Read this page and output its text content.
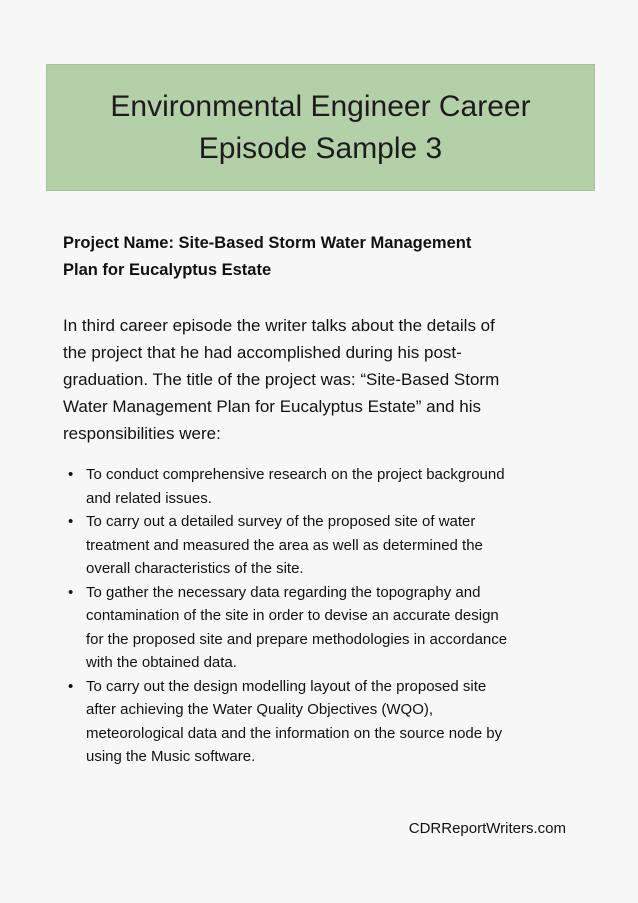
Environmental Engineer Career
Episode Sample 3
Project Name: Site-Based Storm Water Management
Plan for Eucalyptus Estate
In third career episode the writer talks about the details of
the project that he had accomplished during his post-
graduation. The title of the project was: “Site-Based Storm
Water Management Plan for Eucalyptus Estate” and his
responsibilities were:
• To conduct comprehensive research on the project background
and related issues.
• To carry out a detailed survey of the proposed site of water
treatment and measured the area as well as determined the
overall characteristics of the site.
• To gather the necessary data regarding the topography and
contamination of the site in order to devise an accurate design
for the proposed site and prepare methodologies in accordance
with the obtained data.
• To carry out the design modelling layout of the proposed site
after achieving the Water Quality Objectives (WQO),
meteorological data and the information on the source node by
using the Music software.
CDRReportWriters.com
